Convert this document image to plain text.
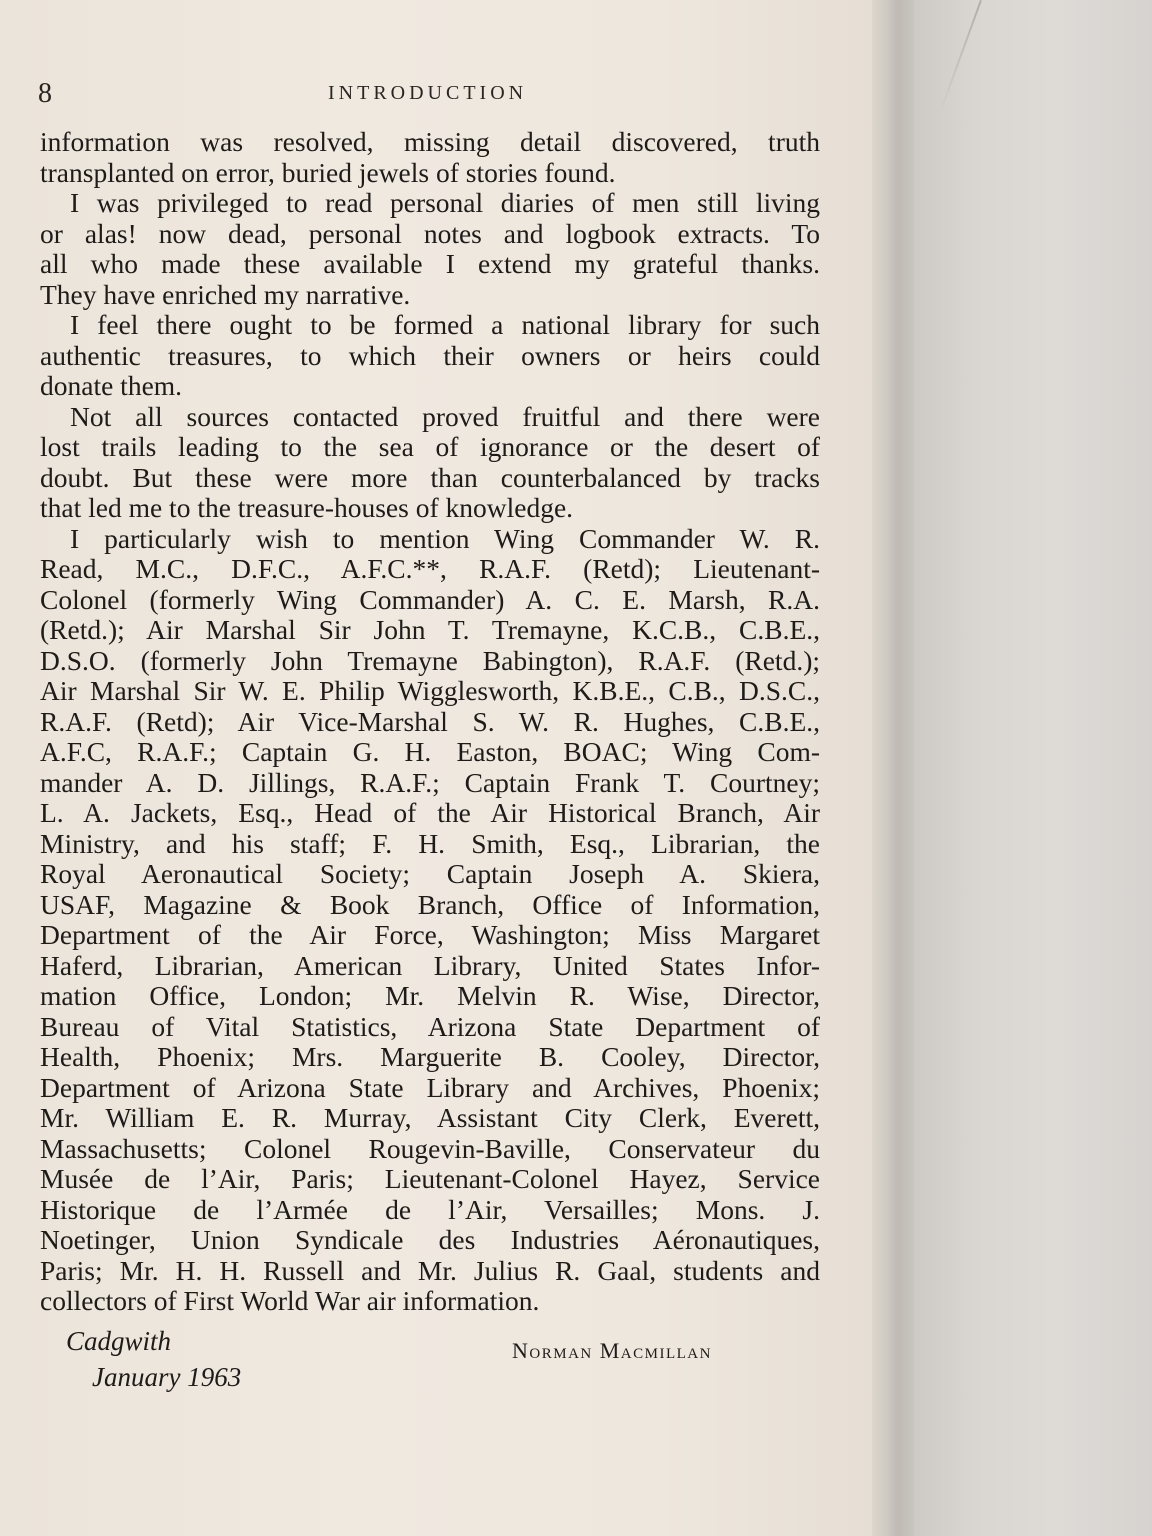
8	INTRODUCTION
information was resolved, missing detail discovered, truth
transplanted on error, buried jewels of stories found.
I was privileged to read personal diaries of men still living
or alas! now dead, personal notes and logbook extracts. To
all who made these available I extend my grateful thanks.
They have enriched my narrative.
I feel there ought to be formed a national library for such
authentic treasures, to which their owners or heirs could
donate them.
Not all sources contacted proved fruitful and there were
lost trails leading to the sea of ignorance or the desert of
doubt. But these were more than counterbalanced by tracks
that led me to the treasure-houses of knowledge.
I particularly wish to mention Wing Commander W. R.
Read, M.C., D.F.C., A.F.C.**, R.A.F. (Retd); Lieutenant-
Colonel (formerly Wing Commander) A. C. E. Marsh, R.A.
(Retd.); Air Marshal Sir John T. Tremayne, K.C.B., C.B.E.,
D.S.O. (formerly John Tremayne Babington), R.A.F. (Retd.);
Air Marshal Sir W. E. Philip Wigglesworth, K.B.E., C.B., D.S.C.,
R.A.F. (Retd); Air Vice-Marshal S. W. R. Hughes, C.B.E.,
A.F.C, R.A.F.; Captain G. H. Easton, BOAC; Wing Com-
mander A. D. Jillings, R.A.F.; Captain Frank T. Courtney;
L. A. Jackets, Esq., Head of the Air Historical Branch, Air
Ministry, and his staff; F. H. Smith, Esq., Librarian, the
Royal Aeronautical Society; Captain Joseph A. Skiera,
USAF, Magazine & Book Branch, Office of Information,
Department of the Air Force, Washington; Miss Margaret
Haferd, Librarian, American Library, United States Infor-
mation Office, London; Mr. Melvin R. Wise, Director,
Bureau of Vital Statistics, Arizona State Department of
Health, Phoenix; Mrs. Marguerite B. Cooley, Director,
Department of Arizona State Library and Archives, Phoenix;
Mr. William E. R. Murray, Assistant City Clerk, Everett,
Massachusetts; Colonel Rougevin-Baville, Conservateur du
Musée de l’Air, Paris; Lieutenant-Colonel Hayez, Service
Historique de l’Armée de l’Air, Versailles; Mons. J.
Noetinger, Union Syndicale des Industries Aéronautiques,
Paris; Mr. H. H. Russell and Mr. Julius R. Gaal, students and
collectors of First World War air information.
Cadgwith
January 1963
Norman Macmillan
